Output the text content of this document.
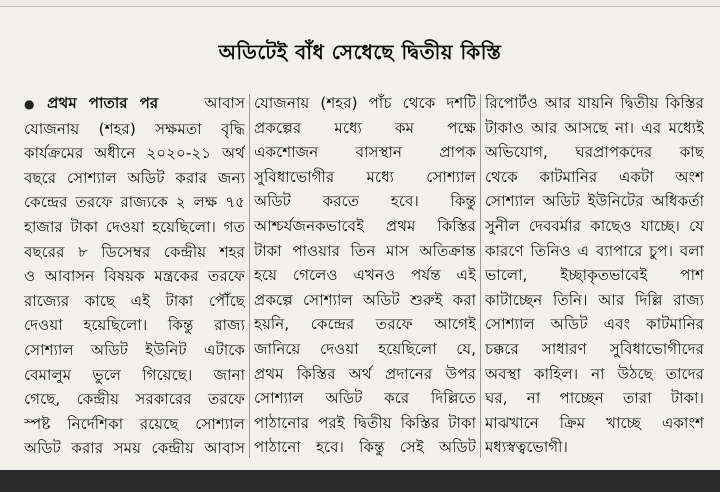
অডিটেই বাঁধ সেধেছে দ্বিতীয় কিস্তি
● প্রথম পাতার পর	আবাস
যোজনায় (শহর) সক্ষমতা বৃদ্ধি
কার্যক্রমের অধীনে ২০২০-২১ অর্থ
বছরে সোশ্যাল অডিট করার জন্য
কেন্দ্রের তরফে রাজ্যকে ২ লক্ষ ৭৫
হাজার টাকা দেওয়া হয়েছিলো। গত
বছরের ৮ ডিসেম্বর কেন্দ্রীয় শহর
ও আবাসন বিষয়ক মন্ত্রকের তরফে
রাজ্যের কাছে এই টাকা পৌঁছে
দেওয়া হয়েছিলো। কিন্তু রাজ্য
সোশ্যাল অডিট ইউনিট এটাকে
বেমালুম ভুলে গিয়েছে। জানা
গেছে, কেন্দ্রীয় সরকারের তরফে
স্পষ্ট নির্দেশিকা রয়েছে সোশ্যাল
অডিট করার সময় কেন্দ্রীয় আবাস
যোজনায় (শহর) পাঁচ থেকে দশটি
প্রকল্পের মধ্যে কম পক্ষে
একশোজন বাসস্থান প্রাপক
সুবিধাভোগীর মধ্যে সোশ্যাল
অডিট করতে হবে। কিন্তু
আশ্চর্যজনকভাবেই প্রথম কিস্তির
টাকা পাওয়ার তিন মাস অতিক্রান্ত
হয়ে গেলেও এখনও পর্যন্ত এই
প্রকল্পে সোশ্যাল অডিট শুরুই করা
হয়নি, কেন্দ্রের তরফে আগেই
জানিয়ে দেওয়া হয়েছিলো যে,
প্রথম কিস্তির অর্থ প্রদানের উপর
সোশ্যাল অডিট করে দিল্লিতে
পাঠানোর পরই দ্বিতীয় কিস্তির টাকা
পাঠানো হবে। কিন্তু সেই অডিট
রিপোর্টও আর যায়নি দ্বিতীয় কিস্তির
টাকাও আর আসছে না। এর মধ্যেই
অভিযোগ, ঘরপ্রাপকদের কাছ
থেকে কাটমানির একটা অংশ
সোশ্যাল অডিট ইউনিটের অধিকর্তা
সুনীল দেববর্মার কাছেও যাচ্ছে। যে
কারণে তিনিও এ ব্যাপারে চুপ। বলা
ভালো, ইচ্ছাকৃতভাবেই পাশ
কাটাচ্ছেন তিনি। আর দিল্লি রাজ্য
সোশ্যাল অডিট এবং কাটমানির
চক্করে সাধারণ সুবিধাভোগীদের
অবস্থা কাহিল। না উঠছে তাদের
ঘর, না পাচ্ছেন তারা টাকা।
মাঝখানে ক্রিম খাচ্ছে একাংশ
মধ্যস্বত্বভোগী।
